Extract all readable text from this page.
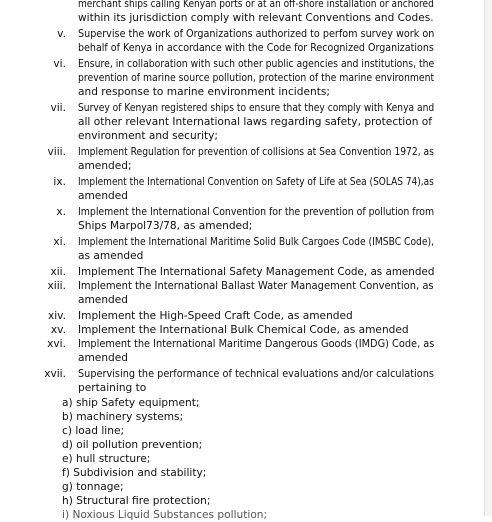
merchant ships calling Kenyan ports or at an off-shore installation or anchored
within its jurisdiction comply with relevant Conventions and Codes.
v. Supervise the work of Organizations authorized to perfom survey work on
behalf of Kenya in accordance with the Code for Recognized Organizations
vi. Ensure, in collaboration with such other public agencies and institutions, the
prevention of marine source pollution, protection of the marine environment
and response to marine environment incidents;
vii. Survey of Kenyan registered ships to ensure that they comply with Kenya and
all other relevant International laws regarding safety, protection of
environment and security;
viii. Implement Regulation for prevention of collisions at Sea Convention 1972, as
amended;
ix. Implement the International Convention on Safety of Life at Sea (SOLAS 74),as
amended
x. Implement the International Convention for the prevention of pollution from
Ships Marpol73/78, as amended;
xi. Implement the International Maritime Solid Bulk Cargoes Code (IMSBC Code),
as amended
xii. Implement The International Safety Management Code, as amended
xiii. Implement the International Ballast Water Management Convention, as
amended
xiv. Implement the High-Speed Craft Code, as amended
xv. Implement the International Bulk Chemical Code, as amended
xvi. Implement the International Maritime Dangerous Goods (IMDG) Code, as
amended
xvii. Supervising the performance of technical evaluations and/or calculations
pertaining to
a) ship Safety equipment;
b) machinery systems;
c) load line;
d) oil pollution prevention;
e) hull structure;
f) Subdivision and stability;
g) tonnage;
h) Structural fire protection;
i) Noxious Liquid Substances pollution;
